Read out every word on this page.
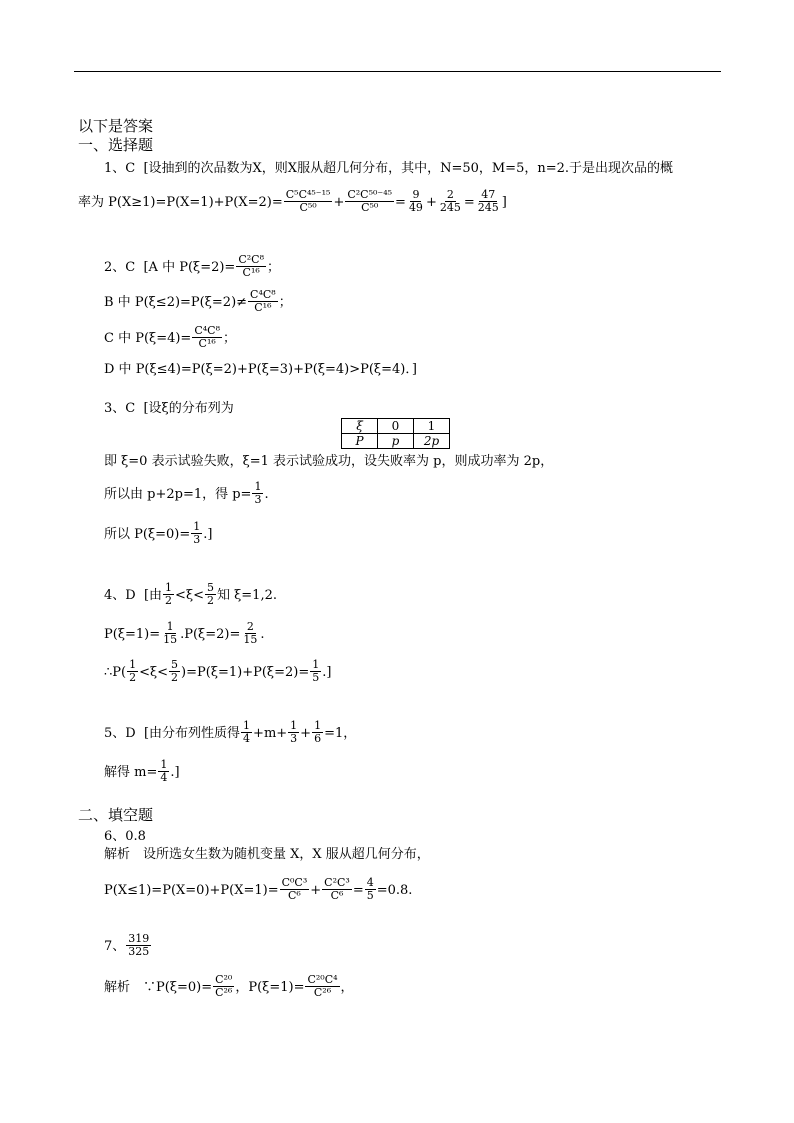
以下是答案
一、选择题
1、C [设抽到的次品数为X，则X服从超几何分布，其中，N=50，M=5，n=2.于是出现次品的概
率为 $P(X\ge 1)=P(X=1)+P(X=2)= \frac{\text{C⁵C⁴⁵⁻¹⁵}}{\text{C⁵⁰}} + \frac{\text{C²C⁵⁰⁻⁴⁵}}{\text{C⁵⁰}} = \frac{9}{49} + \frac{2}{245} = \frac{47}{245}$ ]
2、C [A 中 $P(\xi=2)= \frac{\text{C²C⁸}}{\text{C¹⁶}}$ ；
B 中 $P(\xi\le 2)=P(\xi=2)\ne \frac{\text{C⁴C⁸}}{\text{C¹⁶}}$ ；
C 中 $P(\xi=4)= \frac{\text{C⁴C⁸}}{\text{C¹⁶}}$ ；
D 中 P(ξ≤4)=P(ξ=2)+P(ξ=3)+P(ξ=4)>P(ξ=4)．]
3、C [设ξ的分布列为
ξ	0	1
P	p	2p
即 ξ=0 表示试验失败，ξ=1 表示试验成功，设失败率为 p，则成功率为 2p，
所以由 p+2p=1，得 $p= \frac{1}{3}$ .
所以 $P(\xi=0)= \frac{1}{3}$ .]
4、D [由 $\frac{1}{2} <\xi< \frac{5}{2}$ 知 ξ=1,2.
$P(\xi=1)= \frac{1}{15} .P(\xi=2)= \frac{2}{15}$ .
∴P( $\frac{1}{2} <\xi< \frac{5}{2} )=P(\xi=1)+P(\xi=2)= \frac{1}{5}$ .]
5、D [由分布列性质得 $\frac{1}{4} +m+ \frac{1}{3} + \frac{1}{6} =1$，
解得 $m= \frac{1}{4}$ .]
二、填空题
6、0.8
解析　设所选女生数为随机变量 X，X 服从超几何分布，
$P(X\le 1)=P(X=0)+P(X=1)= \frac{\text{C⁰C³}}{\text{C⁶}} + \frac{\text{C²C³}}{\text{C⁶}} = \frac{4}{5} =0.8$.
7、 $\frac{319}{325}$
解析　∵P(ξ=0)= $\frac{\text{C²⁰}}{\text{C²⁶}}$ ，$P(\xi=1)= \frac{\text{C²⁰C⁴}}{\text{C²⁶}}$ ，
